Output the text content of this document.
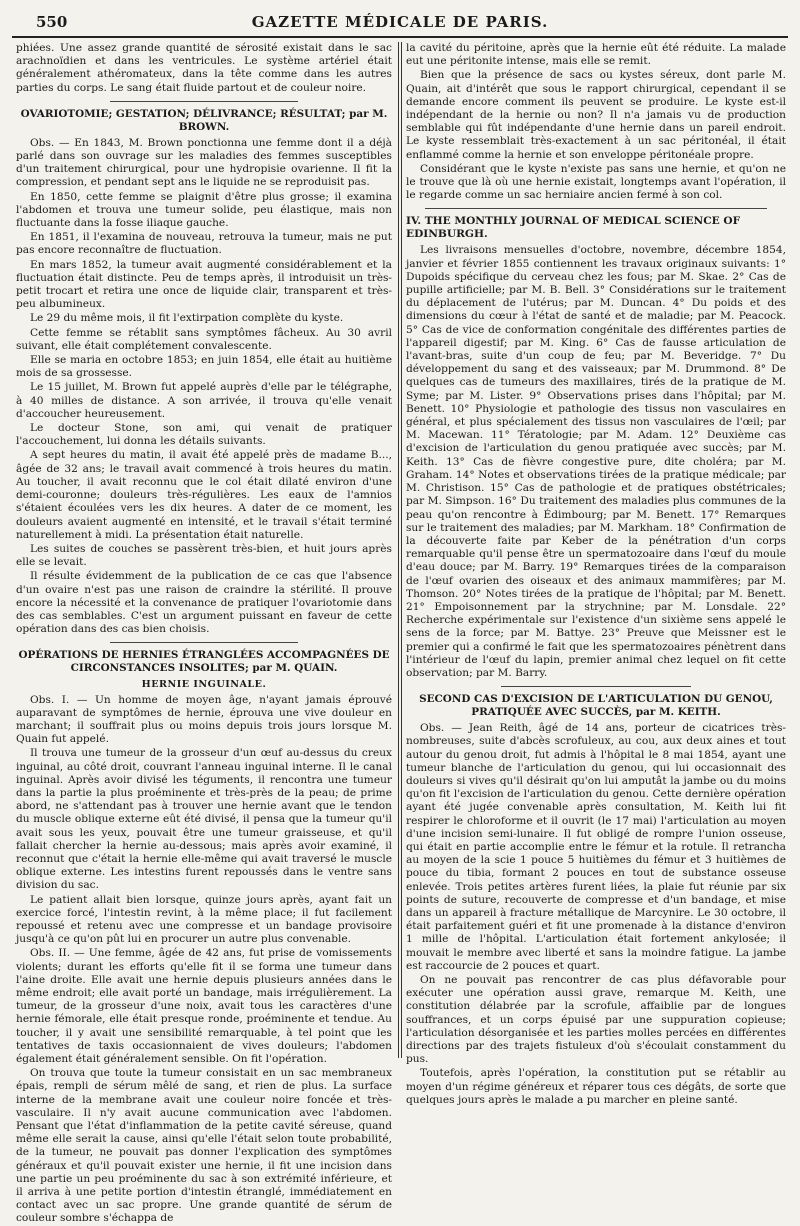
550	GAZETTE MÉDICALE DE PARIS.

phiées. Une assez grande quantité de sérosité existait dans le sac arachnoïdien et dans les ventricules. Le système artériel était généralement athéromateux, dans la tête comme dans les autres parties du corps. Le sang était fluide partout et de couleur noire.

OVARIOTOMIE; GESTATION; DÉLIVRANCE; RÉSULTAT; par M. BROWN.

Obs. — En 1843, M. Brown ponctionna une femme dont il a déjà parlé dans son ouvrage sur les maladies des femmes susceptibles d'un traitement chirurgical, pour une hydropisie ovarienne. Il fit la compression, et pendant sept ans le liquide ne se reproduisit pas.

En 1850, cette femme se plaignit d'être plus grosse; il examina l'abdomen et trouva une tumeur solide, peu élastique, mais non fluctuante dans la fosse iliaque gauche.

En 1851, il l'examina de nouveau, retrouva la tumeur, mais ne put pas encore reconnaître de fluctuation.

En mars 1852, la tumeur avait augmenté considérablement et la fluctuation était distincte. Peu de temps après, il introduisit un très-petit trocart et retira une once de liquide clair, transparent et très-peu albumineux.

Le 29 du même mois, il fit l'extirpation complète du kyste.

Cette femme se rétablit sans symptômes fâcheux. Au 30 avril suivant, elle était complétement convalescente.

Elle se maria en octobre 1853; en juin 1854, elle était au huitième mois de sa grossesse.

Le 15 juillet, M. Brown fut appelé auprès d'elle par le télégraphe, à 40 milles de distance. A son arrivée, il trouva qu'elle venait d'accoucher heureusement.

Le docteur Stone, son ami, qui venait de pratiquer l'accouchement, lui donna les détails suivants.

A sept heures du matin, il avait été appelé près de madame B..., âgée de 32 ans; le travail avait commencé à trois heures du matin. Au toucher, il avait reconnu que le col était dilaté environ d'une demi-couronne; douleurs très-régulières. Les eaux de l'amnios s'étaient écoulées vers les dix heures. A dater de ce moment, les douleurs avaient augmenté en intensité, et le travail s'était terminé naturellement à midi. La présentation était naturelle.

Les suites de couches se passèrent très-bien, et huit jours après elle se levait.

Il résulte évidemment de la publication de ce cas que l'absence d'un ovaire n'est pas une raison de craindre la stérilité. Il prouve encore la nécessité et la convenance de pratiquer l'ovariotomie dans des cas semblables. C'est un argument puissant en faveur de cette opération dans des cas bien choisis.

OPÉRATIONS DE HERNIES ÉTRANGLÉES ACCOMPAGNÉES DE CIRCONSTANCES INSOLITES; par M. QUAIN.
HERNIE INGUINALE.

Obs. I. — Un homme de moyen âge, n'ayant jamais éprouvé auparavant de symptômes de hernie, éprouva une vive douleur en marchant; il souffrait plus ou moins depuis trois jours lorsque M. Quain fut appelé.

Il trouva une tumeur de la grosseur d'un œuf au-dessus du creux inguinal, au côté droit, couvrant l'anneau inguinal interne. Il le canal inguinal. Après avoir divisé les téguments, il rencontra une tumeur dans la partie la plus proéminente et très-près de la peau; de prime abord, ne s'attendant pas à trouver une hernie avant que le tendon du muscle oblique externe eût été divisé, il pensa que la tumeur qu'il avait sous les yeux, pouvait être une tumeur graisseuse, et qu'il fallait chercher la hernie au-dessous; mais après avoir examiné, il reconnut que c'était la hernie elle-même qui avait traversé le muscle oblique externe. Les intestins furent repoussés dans le ventre sans division du sac.

Le patient allait bien lorsque, quinze jours après, ayant fait un exercice forcé, l'intestin revint, à la même place; il fut facilement repoussé et retenu avec une compresse et un bandage provisoire jusqu'à ce qu'on pût lui en procurer un autre plus convenable.

Obs. II. — Une femme, âgée de 42 ans, fut prise de vomissements violents; durant les efforts qu'elle fit il se forma une tumeur dans l'aine droite. Elle avait une hernie depuis plusieurs années dans le même endroit; elle avait porté un bandage, mais irrégulièrement. La tumeur, de la grosseur d'une noix, avait tous les caractères d'une hernie fémorale, elle était presque ronde, proéminente et tendue. Au toucher, il y avait une sensibilité remarquable, à tel point que les tentatives de taxis occasionnaient de vives douleurs; l'abdomen également était généralement sensible. On fit l'opération.

On trouva que toute la tumeur consistait en un sac membraneux épais, rempli de sérum mêlé de sang, et rien de plus. La surface interne de la membrane avait une couleur noire foncée et très-vasculaire. Il n'y avait aucune communication avec l'abdomen. Pensant que l'état d'inflammation de la petite cavité séreuse, quand même elle serait la cause, ainsi qu'elle l'était selon toute probabilité, de la tumeur, ne pouvait pas donner l'explication des symptômes généraux et qu'il pouvait exister une hernie, il fit une incision dans une partie un peu proéminente du sac à son extrémité inférieure, et il arriva à une petite portion d'intestin étranglé, immédiatement en contact avec un sac propre. Une grande quantité de sérum de couleur sombre s'échappa de

la cavité du péritoine, après que la hernie eût été réduite. La malade eut une péritonite intense, mais elle se remit.

Bien que la présence de sacs ou kystes séreux, dont parle M. Quain, ait d'intérêt que sous le rapport chirurgical, cependant il se demande encore comment ils peuvent se produire. Le kyste est-il indépendant de la hernie ou non? Il n'a jamais vu de production semblable qui fût indépendante d'une hernie dans un pareil endroit. Le kyste ressemblait très-exactement à un sac péritonéal, il était enflammé comme la hernie et son enveloppe péritonéale propre.

Considérant que le kyste n'existe pas sans une hernie, et qu'on ne le trouve que là où une hernie existait, longtemps avant l'opération, il le regarde comme un sac herniaire ancien fermé à son col.

IV. THE MONTHLY JOURNAL OF MEDICAL SCIENCE OF EDINBURGH.

Les livraisons mensuelles d'octobre, novembre, décembre 1854, janvier et février 1855 contiennent les travaux originaux suivants: 1° Dupoids spécifique du cerveau chez les fous; par M. Skae. 2° Cas de pupille artificielle; par M. B. Bell. 3° Considérations sur le traitement du déplacement de l'utérus; par M. Duncan. 4° Du poids et des dimensions du cœur à l'état de santé et de maladie; par M. Peacock. 5° Cas de vice de conformation congénitale des différentes parties de l'appareil digestif; par M. King. 6° Cas de fausse articulation de l'avant-bras, suite d'un coup de feu; par M. Beveridge. 7° Du développement du sang et des vaisseaux; par M. Drummond. 8° De quelques cas de tumeurs des maxillaires, tirés de la pratique de M. Syme; par M. Lister. 9° Observations prises dans l'hôpital; par M. Benett. 10° Physiologie et pathologie des tissus non vasculaires en général, et plus spécialement des tissus non vasculaires de l'œil; par M. Macewan. 11° Tératologie; par M. Adam. 12° Deuxième cas d'excision de l'articulation du genou pratiquée avec succès; par M. Keith. 13° Cas de fièvre congestive pure, dite choléra; par M. Graham. 14° Notes et observations tirées de la pratique médicale; par M. Christison. 15° Cas de pathologie et de pratiques obstétricales; par M. Simpson. 16° Du traitement des maladies plus communes de la peau qu'on rencontre à Édimbourg; par M. Benett. 17° Remarques sur le traitement des maladies; par M. Markham. 18° Confirmation de la découverte faite par Keber de la pénétration d'un corps remarquable qu'il pense être un spermatozoaire dans l'œuf du moule d'eau douce; par M. Barry. 19° Remarques tirées de la comparaison de l'œuf ovarien des oiseaux et des animaux mammifères; par M. Thomson. 20° Notes tirées de la pratique de l'hôpital; par M. Benett. 21° Empoisonnement par la strychnine; par M. Lonsdale. 22° Recherche expérimentale sur l'existence d'un sixième sens appelé le sens de la force; par M. Battye. 23° Preuve que Meissner est le premier qui a confirmé le fait que les spermatozoaires pénètrent dans l'intérieur de l'œuf du lapin, premier animal chez lequel on fit cette observation; par M. Barry.

SECOND CAS D'EXCISION DE L'ARTICULATION DU GENOU, PRATIQUÉE AVEC SUCCÈS, par M. KEITH.

Obs. — Jean Reith, âgé de 14 ans, porteur de cicatrices très-nombreuses, suite d'abcès scrofuleux, au cou, aux deux aines et tout autour du genou droit, fut admis à l'hôpital le 8 mai 1854, ayant une tumeur blanche de l'articulation du genou, qui lui occasionnait des douleurs si vives qu'il désirait qu'on lui amputât la jambe ou du moins qu'on fit l'excision de l'articulation du genou. Cette dernière opération ayant été jugée convenable après consultation, M. Keith lui fit respirer le chloroforme et il ouvrit (le 17 mai) l'articulation au moyen d'une incision semi-lunaire. Il fut obligé de rompre l'union osseuse, qui était en partie accomplie entre le fémur et la rotule. Il retrancha au moyen de la scie 1 pouce 5 huitièmes du fémur et 3 huitièmes de pouce du tibia, formant 2 pouces en tout de substance osseuse enlevée. Trois petites artères furent liées, la plaie fut réunie par six points de suture, recouverte de compresse et d'un bandage, et mise dans un appareil à fracture métallique de Marcynire. Le 30 octobre, il était parfaitement guéri et fit une promenade à la distance d'environ 1 mille de l'hôpital. L'articulation était fortement ankylosée; il mouvait le membre avec liberté et sans la moindre fatigue. La jambe est raccourcie de 2 pouces et quart.

On ne pouvait pas rencontrer de cas plus défavorable pour exécuter une opération aussi grave, remarque M. Keith, une constitution délabrée par la scrofule, affaiblie par de longues souffrances, et un corps épuisé par une suppuration copieuse; l'articulation désorganisée et les parties molles percées en différentes directions par des trajets fistuleux d'où s'écoulait constamment du pus.

Toutefois, après l'opération, la constitution put se rétablir au moyen d'un régime généreux et réparer tous ces dégâts, de sorte que quelques jours après le malade a pu marcher en pleine santé.
